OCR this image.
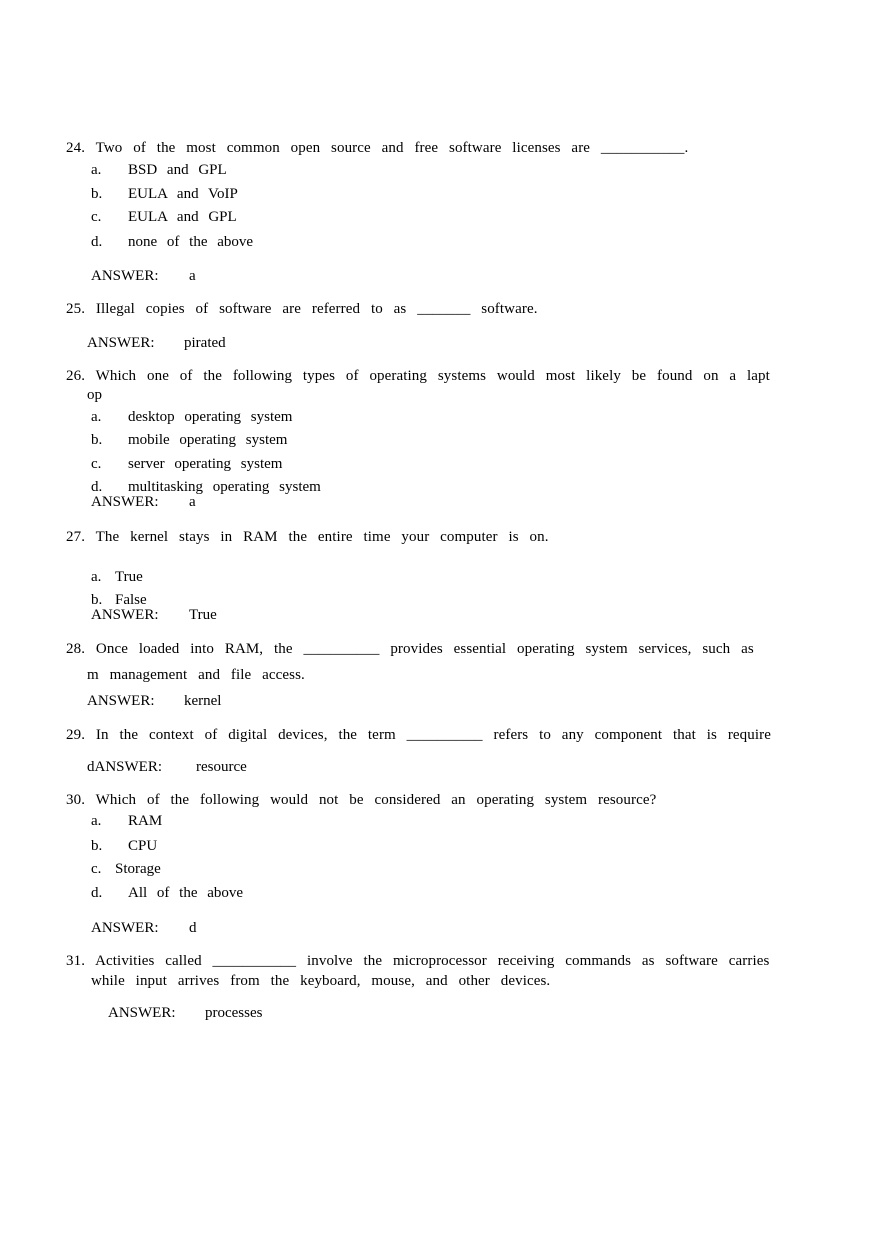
24. Two of the most common open source and free software licenses are ___________.
a. BSD and GPL
b. EULA and VoIP
c. EULA and GPL
d. none of the above
ANSWER: a
25. Illegal copies of software are referred to as _______ software.
ANSWER: pirated
26. Which one of the following types of operating systems would most likely be found on a lapt
op
a. desktop operating system
b. mobile operating system
c. server operating system
d. multitasking operating system
ANSWER: a
27. The kernel stays in RAM the entire time your computer is on.
a. True
b. False
ANSWER: True
28. Once loaded into RAM, the __________ provides essential operating system services, such as
m management and file access.
ANSWER: kernel
29. In the context of digital devices, the term __________ refers to any component that is require
dANSWER: resource
30. Which of the following would not be considered an operating system resource?
a. RAM
b. CPU
c. Storage
d. All of the above
ANSWER: d
31. Activities called ___________ involve the microprocessor receiving commands as software carries
while input arrives from the keyboard, mouse, and other devices.
ANSWER: processes
